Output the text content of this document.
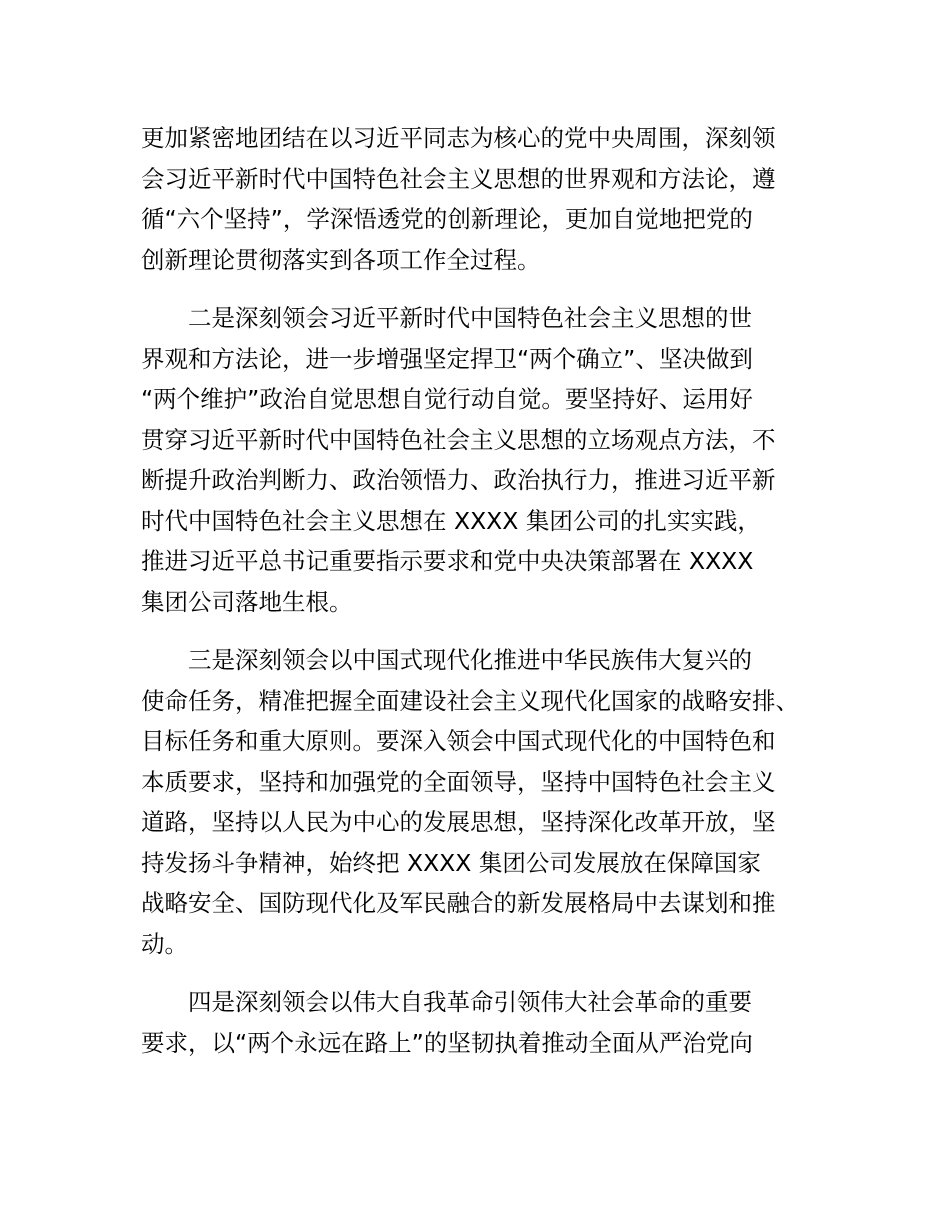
更加紧密地团结在以习近平同志为核心的党中央周围，深刻领
会习近平新时代中国特色社会主义思想的世界观和方法论，遵
循“六个坚持”，学深悟透党的创新理论，更加自觉地把党的
创新理论贯彻落实到各项工作全过程。

二是深刻领会习近平新时代中国特色社会主义思想的世
界观和方法论，进一步增强坚定捍卫“两个确立”、坚决做到
“两个维护”政治自觉思想自觉行动自觉。要坚持好、运用好
贯穿习近平新时代中国特色社会主义思想的立场观点方法，不
断提升政治判断力、政治领悟力、政治执行力，推进习近平新
时代中国特色社会主义思想在 XXXX 集团公司的扎实实践，
推进习近平总书记重要指示要求和党中央决策部署在 XXXX
集团公司落地生根。

三是深刻领会以中国式现代化推进中华民族伟大复兴的
使命任务，精准把握全面建设社会主义现代化国家的战略安排、
目标任务和重大原则。要深入领会中国式现代化的中国特色和
本质要求，坚持和加强党的全面领导，坚持中国特色社会主义
道路，坚持以人民为中心的发展思想，坚持深化改革开放，坚
持发扬斗争精神，始终把 XXXX 集团公司发展放在保障国家
战略安全、国防现代化及军民融合的新发展格局中去谋划和推
动。

四是深刻领会以伟大自我革命引领伟大社会革命的重要
要求，以“两个永远在路上”的坚韧执着推动全面从严治党向
